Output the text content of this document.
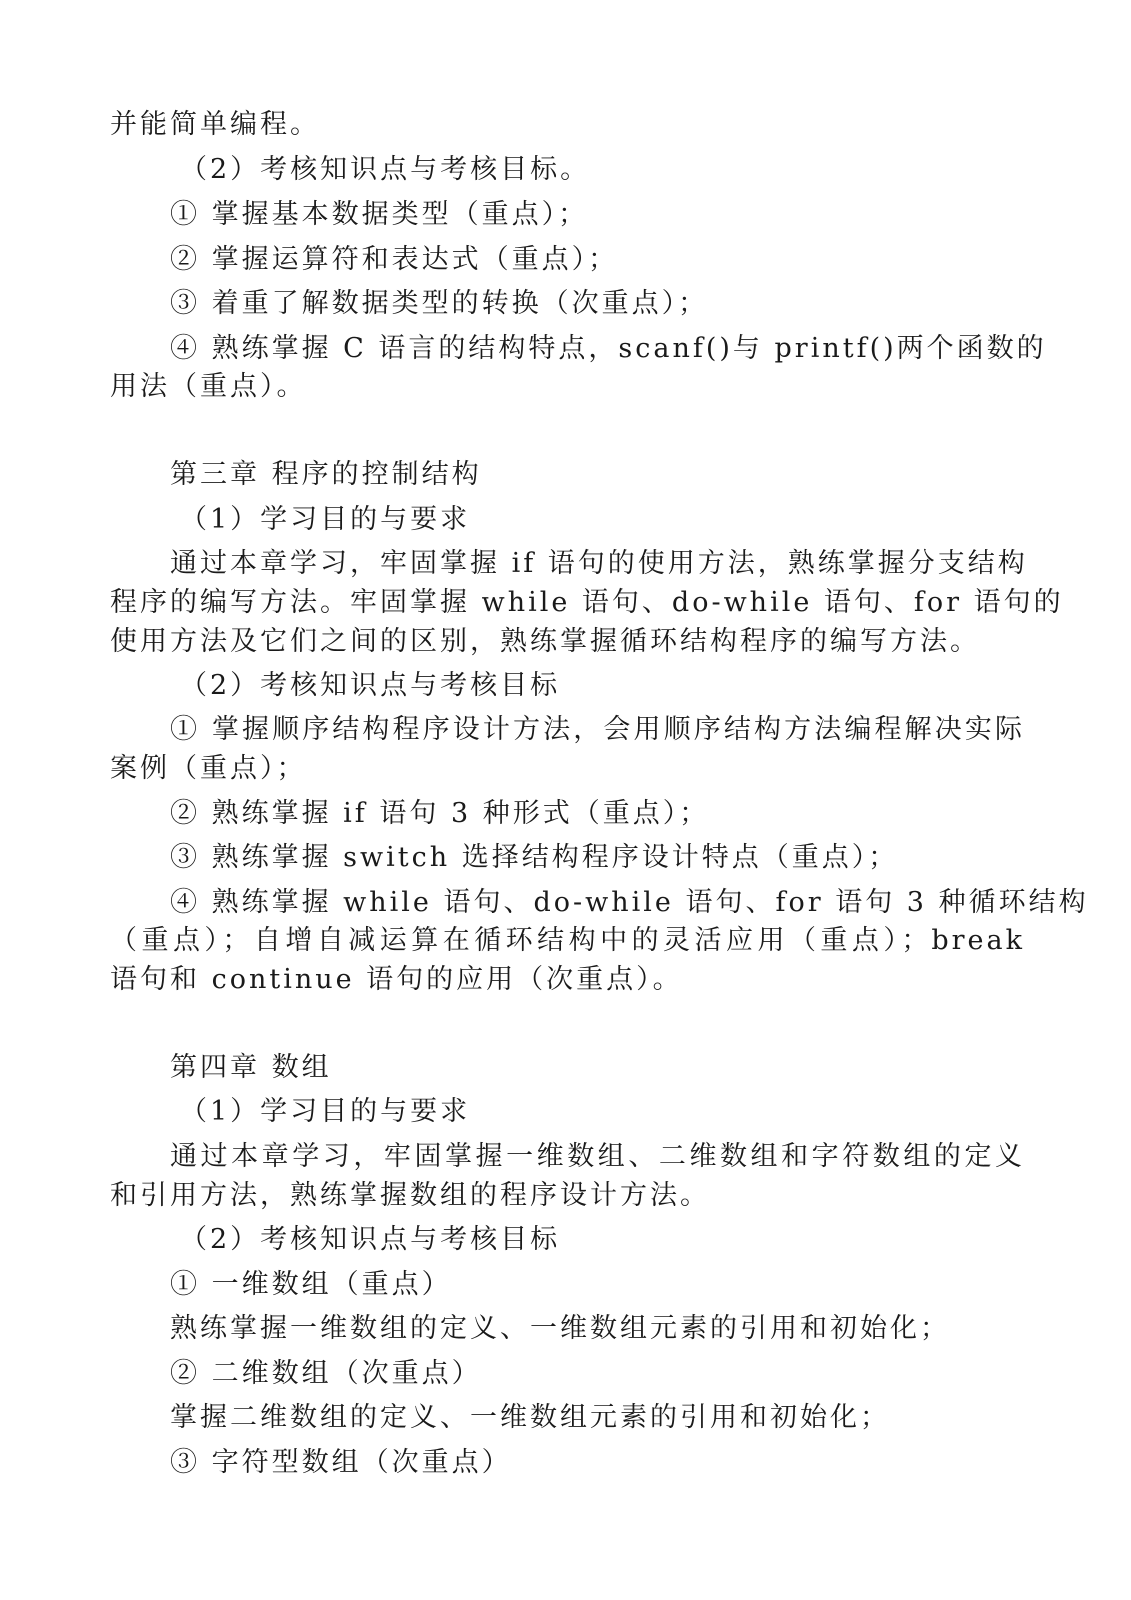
并能简单编程。
（2）考核知识点与考核目标。
① 掌握基本数据类型（重点）；
② 掌握运算符和表达式（重点）；
③ 着重了解数据类型的转换（次重点）；
④ 熟练掌握 C 语言的结构特点，scanf()与 printf()两个函数的
用法（重点）。
第三章 程序的控制结构
（1）学习目的与要求
通过本章学习，牢固掌握 if 语句的使用方法，熟练掌握分支结构
程序的编写方法。牢固掌握 while 语句、do-while 语句、for 语句的
使用方法及它们之间的区别，熟练掌握循环结构程序的编写方法。
（2）考核知识点与考核目标
① 掌握顺序结构程序设计方法，会用顺序结构方法编程解决实际
案例（重点）；
② 熟练掌握 if 语句 3 种形式（重点）；
③ 熟练掌握 switch 选择结构程序设计特点（重点）；
④ 熟练掌握 while 语句、do-while 语句、for 语句 3 种循环结构
（重点）；自增自减运算在循环结构中的灵活应用（重点）；break
语句和 continue 语句的应用（次重点）。
第四章 数组
（1）学习目的与要求
通过本章学习，牢固掌握一维数组、二维数组和字符数组的定义
和引用方法，熟练掌握数组的程序设计方法。
（2）考核知识点与考核目标
① 一维数组（重点）
熟练掌握一维数组的定义、一维数组元素的引用和初始化；
② 二维数组（次重点）
掌握二维数组的定义、一维数组元素的引用和初始化；
③ 字符型数组（次重点）
